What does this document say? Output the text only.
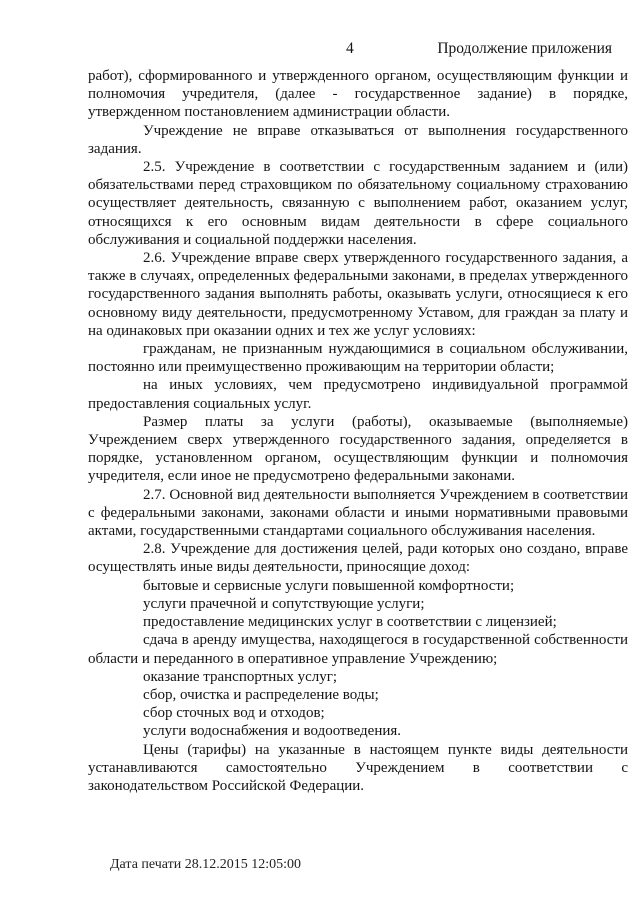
4	Продолжение приложения

работ), сформированного и утвержденного органом, осуществляющим функции и полномочия учредителя, (далее - государственное задание) в порядке, утвержденном постановлением администрации области.

Учреждение не вправе отказываться от выполнения государственного задания.

2.5. Учреждение в соответствии с государственным заданием и (или) обязательствами перед страховщиком по обязательному социальному страхованию осуществляет деятельность, связанную с выполнением работ, оказанием услуг, относящихся к его основным видам деятельности в сфере социального обслуживания и социальной поддержки населения.

2.6. Учреждение вправе сверх утвержденного государственного задания, а также в случаях, определенных федеральными законами, в пределах утвержденного государственного задания выполнять работы, оказывать услуги, относящиеся к его основному виду деятельности, предусмотренному Уставом, для граждан за плату и на одинаковых при оказании одних и тех же услуг условиях:

гражданам, не признанным нуждающимися в социальном обслуживании, постоянно или преимущественно проживающим на территории области;

на иных условиях, чем предусмотрено индивидуальной программой предоставления социальных услуг.

Размер платы за услуги (работы), оказываемые (выполняемые) Учреждением сверх утвержденного государственного задания, определяется в порядке, установленном органом, осуществляющим функции и полномочия учредителя, если иное не предусмотрено федеральными законами.

2.7. Основной вид деятельности выполняется Учреждением в соответствии с федеральными законами, законами области и иными нормативными правовыми актами, государственными стандартами социального обслуживания населения.

2.8. Учреждение для достижения целей, ради которых оно создано, вправе осуществлять иные виды деятельности, приносящие доход:

бытовые и сервисные услуги повышенной комфортности;

услуги прачечной и сопутствующие услуги;

предоставление медицинских услуг в соответствии с лицензией;

сдача в аренду имущества, находящегося в государственной собственности области и переданного в оперативное управление Учреждению;

оказание транспортных услуг;

сбор, очистка и распределение воды;

сбор сточных вод и отходов;

услуги водоснабжения и водоотведения.

Цены (тарифы) на указанные в настоящем пункте виды деятельности устанавливаются самостоятельно Учреждением в соответствии с законодательством Российской Федерации.

Дата печати 28.12.2015 12:05:00
